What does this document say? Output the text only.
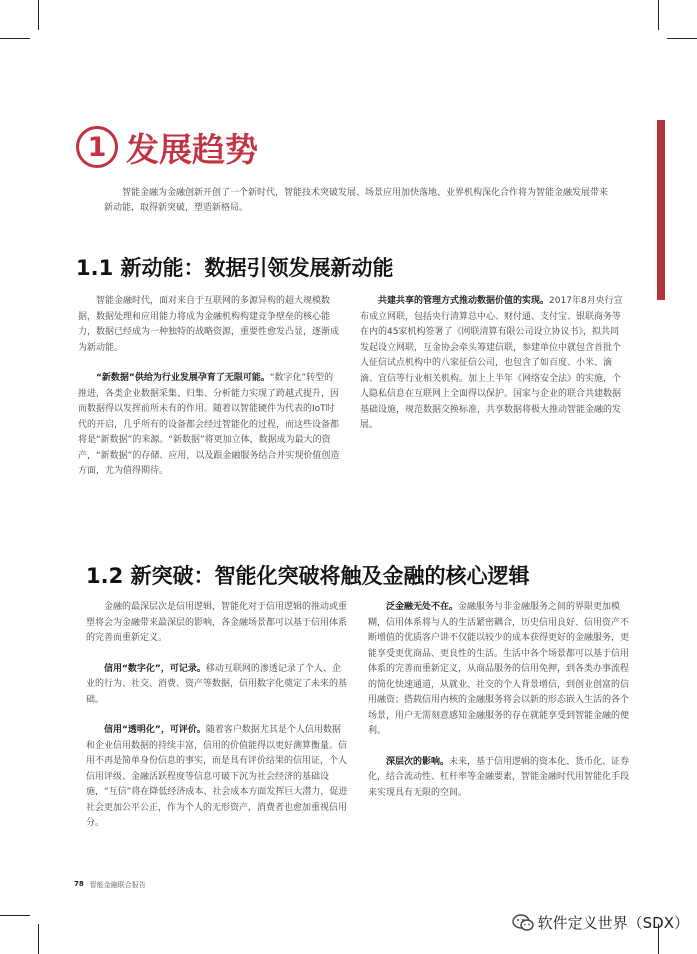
1 发展趋势

智能金融为金融创新开创了一个新时代，智能技术突破发展、场景应用加快落地、业界机构深化合作将为智能金融发展带来新动能，取得新突破，塑造新格局。

1.1 新动能：数据引领发展新动能

智能金融时代，面对来自于互联网的多源异构的超大规模数据，数据处理和应用能力将成为金融机构构建竞争壁垒的核心能力，数据已经成为一种独特的战略资源，重要性愈发凸显，逐渐成为新动能。

“新数据”供给为行业发展孕育了无限可能。“数字化”转型的推进，各类企业数据采集、归集、分析能力实现了跨越式提升，因而数据得以发挥前所未有的作用。随着以智能硬件为代表的IoT时代的开启，几乎所有的设备都会经过智能化的过程，而这些设备都将是“新数据”的来源。“新数据”将更加立体，数据成为最大的资产，“新数据”的存储、应用，以及跟金融服务结合并实现价值创造方面，尤为值得期待。

共建共享的管理方式推动数据价值的实现。2017年8月央行宣布成立网联，包括央行清算总中心、财付通、支付宝、银联商务等在内的45家机构签署了《网联清算有限公司设立协议书》，拟共同发起设立网联，互金协会牵头筹建信联，参建单位中就包含首批个人征信试点机构中的八家征信公司，也包含了如百度、小米、滴滴、宜信等行业相关机构。加上上半年《网络安全法》的实施，个人隐私信息在互联网上全面得以保护。国家与企业的联合共建数据基础设施，规范数据交换标准，共享数据将极大推动智能金融的发展。

1.2 新突破：智能化突破将触及金融的核心逻辑

金融的最深层次是信用逻辑，智能化对于信用逻辑的推动或重塑将会为金融带来最深层的影响，各金融场景都可以基于信用体系的完善而重新定义。

信用“数字化”，可记录。移动互联网的渗透记录了个人、企业的行为、社交、消费、资产等数据，信用数字化奠定了未来的基础。

信用“透明化”，可评价。随着客户数据尤其是个人信用数据和企业信用数据的持续丰富，信用的价值能得以更好测算衡量。信用不再是简单身份信息的事实，而是具有评价结果的信用证，个人信用评级、金融活跃程度等信息可破下沉为社会经济的基础设施，“互信”将在降低经济成本、社会成本方面发挥巨大潜力，促进社会更加公平公正，作为个人的无形资产，消费者也愈加重视信用分。

泛金融无处不在。金融服务与非金融服务之间的界限更加模糊，信用体系将与人的生活紧密耦合，历史信用良好、信用资产不断增值的优质客户讲不仅能以较少的成本获得更好的金融服务，更能享受更优商品、更良性的生活。生活中各个场景都可以基于信用体系的完善而重新定义，从商品服务的信用免押，到各类办事流程的简化快速通道，从就业、社交的个人背景增信，到创业创富的信用融资；搭载信用内核的金融服务将会以新的形态嵌入生活的各个场景，用户无需刻意感知金融服务的存在就能享受到智能金融的便利。

深层次的影响。未来，基于信用逻辑的资本化、货币化、证券化，结合流动性、杠杆率等金融要素，智能金融时代用智能化手段来实现具有无限的空间。

78 智能金融联合报告
软件定义世界（SDX）
